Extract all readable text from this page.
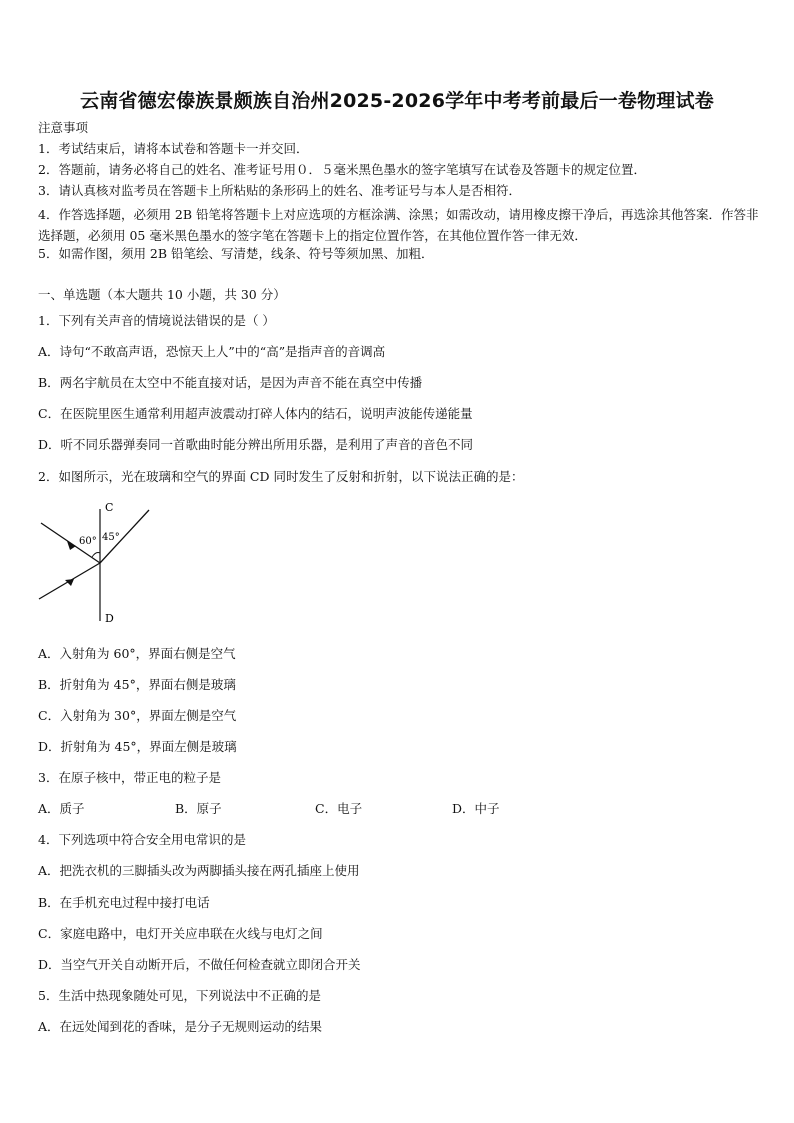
云南省德宏傣族景颇族自治州2025-2026学年中考考前最后一卷物理试卷
注意事项
1．考试结束后，请将本试卷和答题卡一并交回．
2．答题前，请务必将自己的姓名、准考证号用０．５毫米黑色墨水的签字笔填写在试卷及答题卡的规定位置．
3．请认真核对监考员在答题卡上所粘贴的条形码上的姓名、准考证号与本人是否相符．
4．作答选择题，必须用 2B 铅笔将答题卡上对应选项的方框涂满、涂黑；如需改动，请用橡皮擦干净后，再选涂其他答案．作答非选择题，必须用 05 毫米黑色墨水的签字笔在答题卡上的指定位置作答，在其他位置作答一律无效．
5．如需作图，须用 2B 铅笔绘、写清楚，线条、符号等须加黑、加粗．
一、单选题（本大题共 10 小题，共 30 分）
1．下列有关声音的情境说法错误的是（ ）
A．诗句“不敢高声语，恐惊天上人”中的“高”是指声音的音调高
B．两名宇航员在太空中不能直接对话，是因为声音不能在真空中传播
C．在医院里医生通常利用超声波震动打碎人体内的结石，说明声波能传递能量
D．听不同乐器弹奏同一首歌曲时能分辨出所用乐器，是利用了声音的音色不同
2．如图所示，光在玻璃和空气的界面 CD 同时发生了反射和折射，以下说法正确的是：
C
D
60° 45°
A．入射角为 60°，界面右侧是空气
B．折射角为 45°，界面右侧是玻璃
C．入射角为 30°，界面左侧是空气
D．折射角为 45°，界面左侧是玻璃
3．在原子核中，带正电的粒子是
A．质子	B．原子	C．电子	D．中子
4．下列选项中符合安全用电常识的是
A．把洗衣机的三脚插头改为两脚插头接在两孔插座上使用
B．在手机充电过程中接打电话
C．家庭电路中，电灯开关应串联在火线与电灯之间
D．当空气开关自动断开后，不做任何检查就立即闭合开关
5．生活中热现象随处可见，下列说法中不正确的是
A．在远处闻到花的香味，是分子无规则运动的结果
